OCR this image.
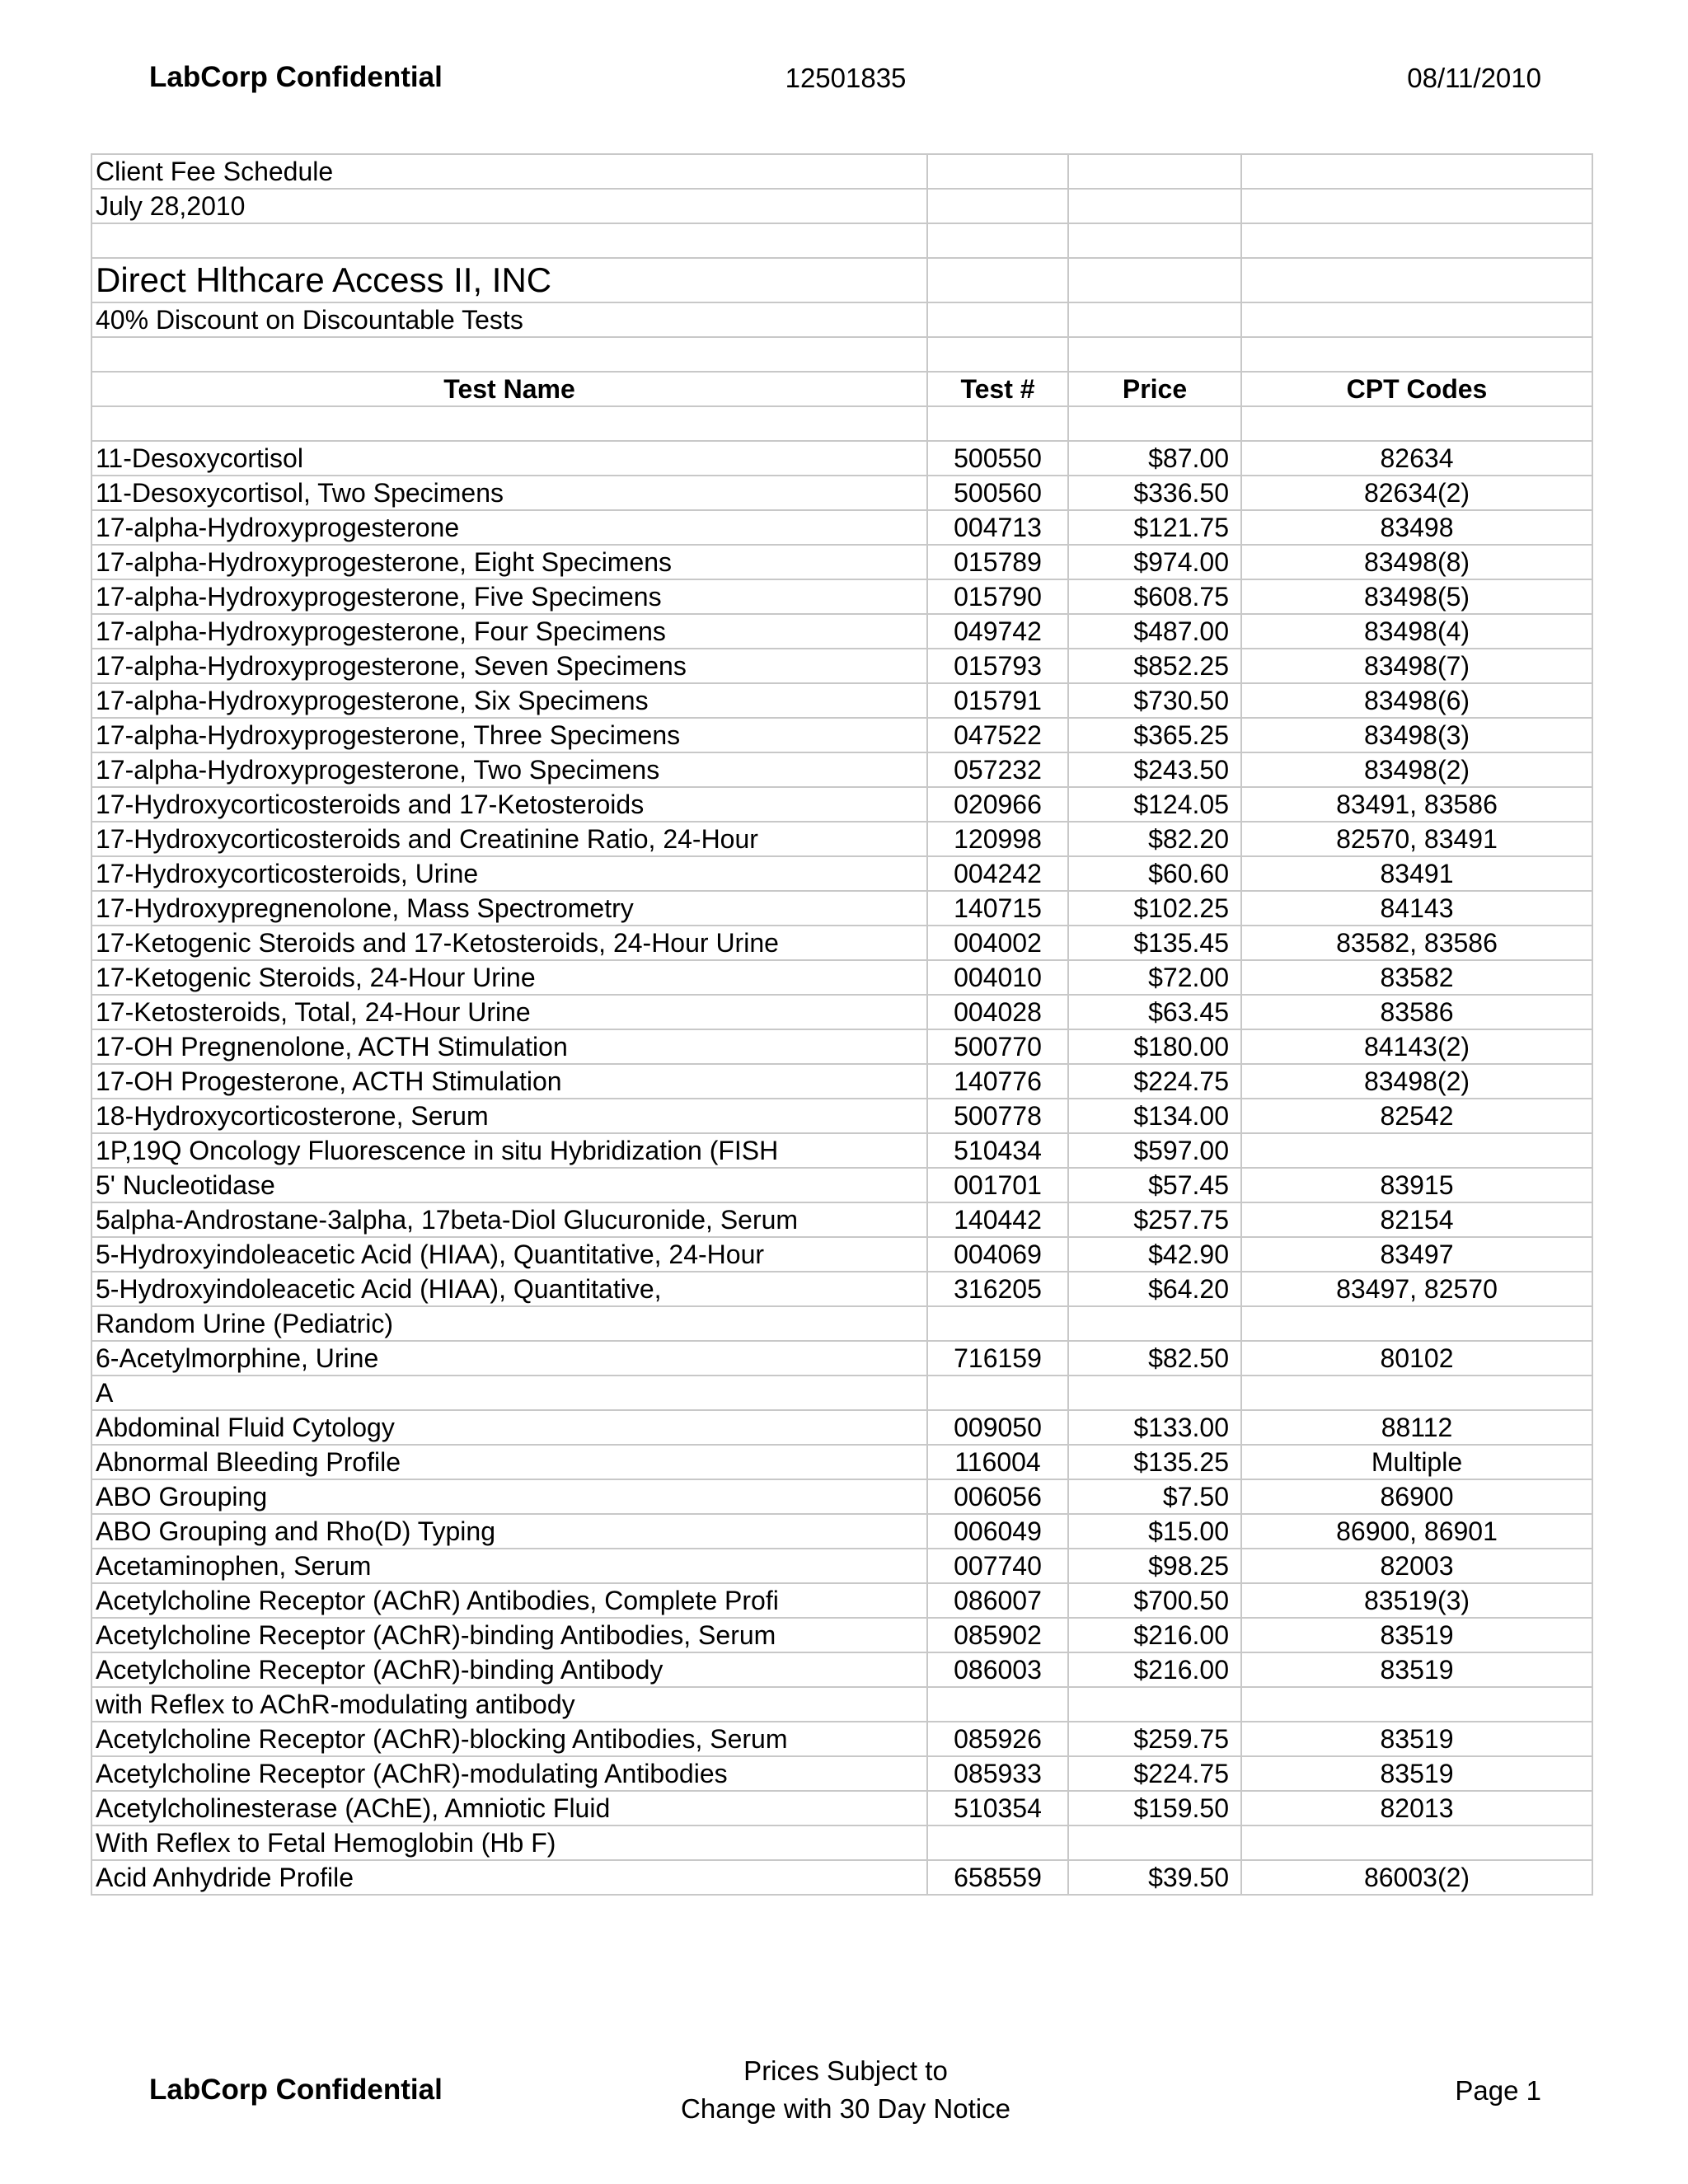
LabCorp Confidential	12501835	08/11/2010
Client Fee Schedule			
July 28,2010			

Direct Hlthcare Access II, INC			
40% Discount on Discountable Tests			

Test Name	Test #	Price	CPT Codes

11-Desoxycortisol	500550	$87.00	82634
11-Desoxycortisol, Two Specimens	500560	$336.50	82634(2)
17-alpha-Hydroxyprogesterone	004713	$121.75	83498
17-alpha-Hydroxyprogesterone, Eight Specimens	015789	$974.00	83498(8)
17-alpha-Hydroxyprogesterone, Five Specimens	015790	$608.75	83498(5)
17-alpha-Hydroxyprogesterone, Four Specimens	049742	$487.00	83498(4)
17-alpha-Hydroxyprogesterone, Seven Specimens	015793	$852.25	83498(7)
17-alpha-Hydroxyprogesterone, Six Specimens	015791	$730.50	83498(6)
17-alpha-Hydroxyprogesterone, Three Specimens	047522	$365.25	83498(3)
17-alpha-Hydroxyprogesterone, Two Specimens	057232	$243.50	83498(2)
17-Hydroxycorticosteroids and 17-Ketosteroids	020966	$124.05	83491, 83586
17-Hydroxycorticosteroids and Creatinine Ratio, 24-Hour	120998	$82.20	82570, 83491
17-Hydroxycorticosteroids, Urine	004242	$60.60	83491
17-Hydroxypregnenolone, Mass Spectrometry	140715	$102.25	84143
17-Ketogenic Steroids and 17-Ketosteroids, 24-Hour Urine	004002	$135.45	83582, 83586
17-Ketogenic Steroids, 24-Hour Urine	004010	$72.00	83582
17-Ketosteroids, Total, 24-Hour Urine	004028	$63.45	83586
17-OH Pregnenolone, ACTH Stimulation	500770	$180.00	84143(2)
17-OH Progesterone, ACTH Stimulation	140776	$224.75	83498(2)
18-Hydroxycorticosterone, Serum	500778	$134.00	82542
1P,19Q Oncology Fluorescence in situ Hybridization (FISH	510434	$597.00	
5' Nucleotidase	001701	$57.45	83915
5alpha-Androstane-3alpha, 17beta-Diol Glucuronide, Serum	140442	$257.75	82154
5-Hydroxyindoleacetic Acid (HIAA), Quantitative, 24-Hour	004069	$42.90	83497
5-Hydroxyindoleacetic Acid (HIAA), Quantitative,	316205	$64.20	83497, 82570
Random Urine (Pediatric)			
6-Acetylmorphine, Urine	716159	$82.50	80102
A			
Abdominal Fluid Cytology	009050	$133.00	88112
Abnormal Bleeding Profile	116004	$135.25	Multiple
ABO Grouping	006056	$7.50	86900
ABO Grouping and Rho(D) Typing	006049	$15.00	86900, 86901
Acetaminophen, Serum	007740	$98.25	82003
Acetylcholine Receptor (AChR) Antibodies, Complete Profi	086007	$700.50	83519(3)
Acetylcholine Receptor (AChR)-binding Antibodies, Serum	085902	$216.00	83519
Acetylcholine Receptor (AChR)-binding Antibody	086003	$216.00	83519
with Reflex to AChR-modulating antibody			
Acetylcholine Receptor (AChR)-blocking Antibodies, Serum	085926	$259.75	83519
Acetylcholine Receptor (AChR)-modulating Antibodies	085933	$224.75	83519
Acetylcholinesterase (AChE), Amniotic Fluid	510354	$159.50	82013
With Reflex to Fetal Hemoglobin (Hb F)			
Acid Anhydride Profile	658559	$39.50	86003(2)
LabCorp Confidential
Prices Subject to
Change with 30 Day Notice
Page 1
